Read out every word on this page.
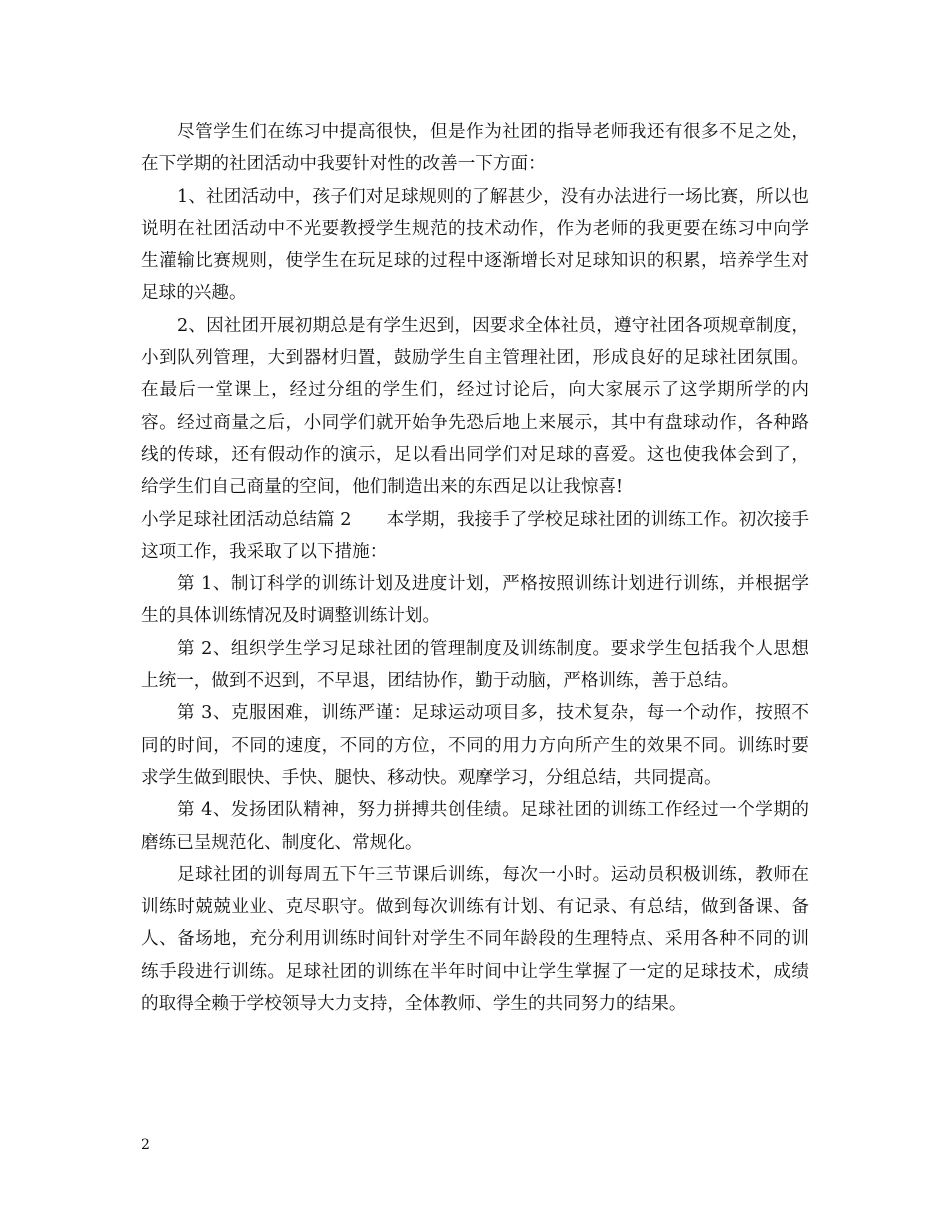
尽管学生们在练习中提高很快，但是作为社团的指导老师我还有很多不足之处，在下学期的社团活动中我要针对性的改善一下方面：

1、社团活动中，孩子们对足球规则的了解甚少，没有办法进行一场比赛，所以也说明在社团活动中不光要教授学生规范的技术动作，作为老师的我更要在练习中向学生灌输比赛规则，使学生在玩足球的过程中逐渐增长对足球知识的积累，培养学生对足球的兴趣。

2、因社团开展初期总是有学生迟到，因要求全体社员，遵守社团各项规章制度，小到队列管理，大到器材归置，鼓励学生自主管理社团，形成良好的足球社团氛围。在最后一堂课上，经过分组的学生们，经过讨论后，向大家展示了这学期所学的内容。经过商量之后，小同学们就开始争先恐后地上来展示，其中有盘球动作，各种路线的传球，还有假动作的演示，足以看出同学们对足球的喜爱。这也使我体会到了，给学生们自己商量的空间，他们制造出来的东西足以让我惊喜!

小学足球社团活动总结篇 2　　本学期，我接手了学校足球社团的训练工作。初次接手这项工作，我采取了以下措施：

第 1、制订科学的训练计划及进度计划，严格按照训练计划进行训练，并根据学生的具体训练情况及时调整训练计划。

第 2、组织学生学习足球社团的管理制度及训练制度。要求学生包括我个人思想上统一，做到不迟到，不早退，团结协作，勤于动脑，严格训练，善于总结。

第 3、克服困难，训练严谨：足球运动项目多，技术复杂，每一个动作，按照不同的时间，不同的速度，不同的方位，不同的用力方向所产生的效果不同。训练时要求学生做到眼快、手快、腿快、移动快。观摩学习，分组总结，共同提高。

第 4、发扬团队精神，努力拼搏共创佳绩。足球社团的训练工作经过一个学期的磨练已呈规范化、制度化、常规化。

足球社团的训每周五下午三节课后训练，每次一小时。运动员积极训练，教师在训练时兢兢业业、克尽职守。做到每次训练有计划、有记录、有总结，做到备课、备人、备场地，充分利用训练时间针对学生不同年龄段的生理特点、采用各种不同的训练手段进行训练。足球社团的训练在半年时间中让学生掌握了一定的足球技术，成绩的取得全赖于学校领导大力支持，全体教师、学生的共同努力的结果。

2
